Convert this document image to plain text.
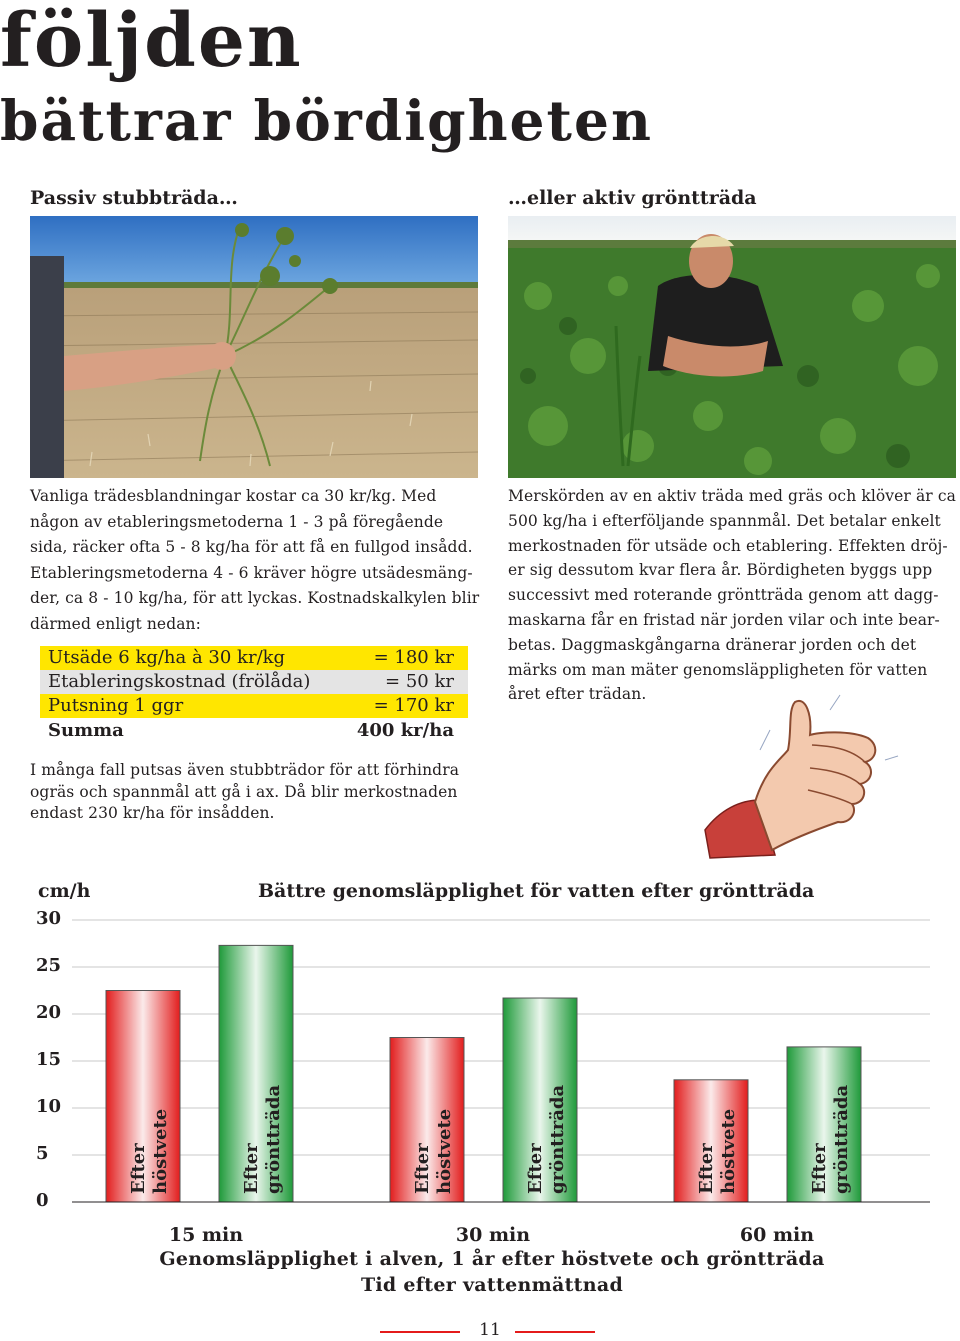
följden
bättrar bördigheten
Passiv stubbträda…	…eller aktiv gröntträda
Vanliga trädesblandningar kostar ca 30 kr/kg. Med
någon av etableringsmetoderna 1 - 3 på föregående
sida, räcker ofta 5 - 8 kg/ha för att få en fullgod insådd.
Etableringsmetoderna 4 - 6 kräver högre utsädesmäng-
der, ca 8 - 10 kg/ha, för att lyckas. Kostnadskalkylen blir
därmed enligt nedan:
Utsäde 6 kg/ha à 30 kr/kg	= 180 kr
Etableringskostnad (frölåda)	= 50 kr
Putsning 1 ggr	= 170 kr
Summa	400 kr/ha
I många fall putsas även stubbträdor för att förhindra
ogräs och spannmål att gå i ax. Då blir merkostnaden
endast 230 kr/ha för insådden.
Merskörden av en aktiv träda med gräs och klöver är ca
500 kg/ha i efterföljande spannmål. Det betalar enkelt
merkostnaden för utsäde och etablering. Effekten dröj-
er sig dessutom kvar flera år. Bördigheten byggs upp
successivt med roterande gröntträda genom att dagg-
maskarna får en fristad när jorden vilar och inte bear-
betas. Daggmaskgångarna dränerar jorden och det
märks om man mäter genomsläppligheten för vatten
året efter trädan.
cm/h	Bättre genomsläpplighet för vatten efter gröntträda
30
25
20
15
10
5
0
Efter höstvete	Efter gröntträda	Efter höstvete	Efter gröntträda	Efter höstvete	Efter gröntträda
15 min	30 min	60 min
Genomsläpplighet i alven, 1 år efter höstvete och gröntträda
Tid efter vattenmättnad
11
